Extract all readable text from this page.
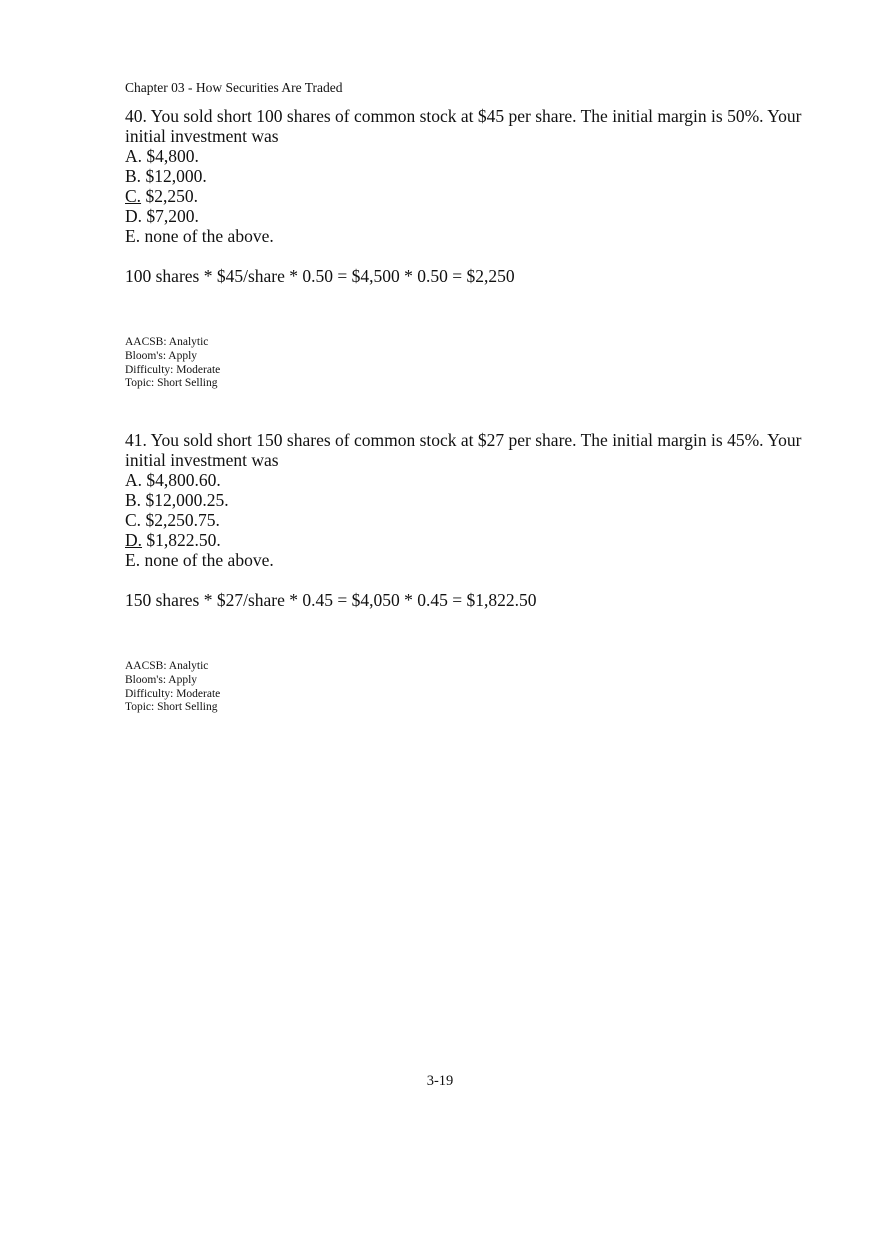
Chapter 03 - How Securities Are Traded

40. You sold short 100 shares of common stock at $45 per share. The initial margin is 50%. Your initial investment was

A. $4,800.
B. $12,000.
C. $2,250.
D. $7,200.
E. none of the above.
100 shares * $45/share * 0.50 = $4,500 * 0.50 = $2,250
AACSB: Analytic
Bloom's: Apply
Difficulty: Moderate
Topic: Short Selling

41. You sold short 150 shares of common stock at $27 per share. The initial margin is 45%. Your initial investment was

A. $4,800.60.
B. $12,000.25.
C. $2,250.75.
D. $1,822.50.
E. none of the above.
150 shares * $27/share * 0.45 = $4,050 * 0.45 = $1,822.50
AACSB: Analytic
Bloom's: Apply
Difficulty: Moderate
Topic: Short Selling
3-19
